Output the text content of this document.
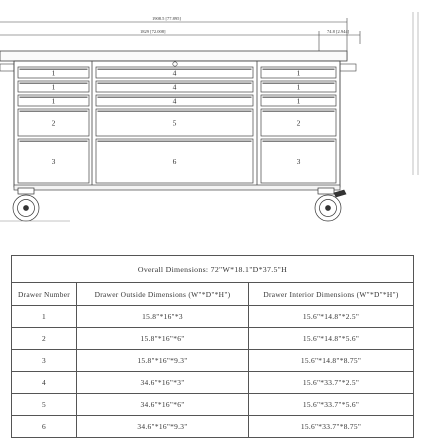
1908.5 [77.895]
1829 [72.008]	74.8 [2.944]
1
1
1
2
3
4
4
4
5
6
1
1
1
2
3
Overall Dimensions: 72"W*18.1"D*37.5"H		
Drawer Number	Drawer Outside Dimensions (W"*D"*H")	Drawer Interior Dimensions (W"*D"*H")
1	15.8"*16"*3	15.6"*14.8"*2.5"
2	15.8"*16"*6"	15.6"*14.8"*5.6"
3	15.8"*16"*9.3"	15.6"*14.8"*8.75"
4	34.6"*16"*3"	15.6"*33.7"*2.5"
5	34.6"*16"*6"	15.6"*33.7"*5.6"
6	34.6"*16"*9.3"	15.6"*33.7"*8.75"
